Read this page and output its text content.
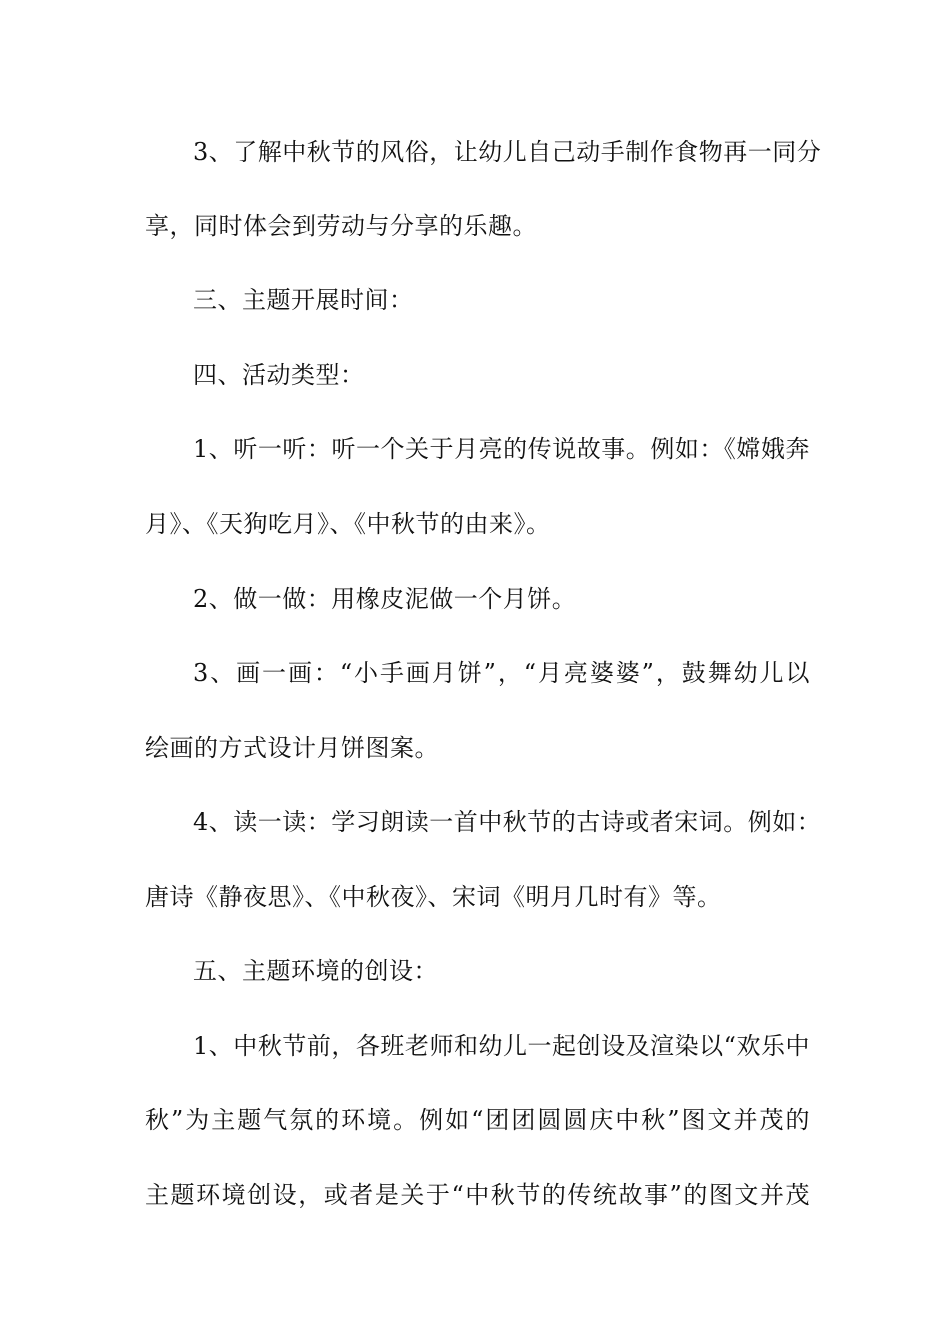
3、了解中秋节的风俗，让幼儿自己动手制作食物再一同分
享，同时体会到劳动与分享的乐趣。
三、主题开展时间：
四、活动类型：
1、听一听：听一个关于月亮的传说故事。例如：《嫦娥奔
月》、《天狗吃月》、《中秋节的由来》。
2、做一做：用橡皮泥做一个月饼。
3、画一画：“小手画月饼”，“月亮婆婆”，鼓舞幼儿以
绘画的方式设计月饼图案。
4、读一读：学习朗读一首中秋节的古诗或者宋词。例如：
唐诗《静夜思》、《中秋夜》、宋词《明月几时有》等。
五、主题环境的创设：
1、中秋节前，各班老师和幼儿一起创设及渲染以“欢乐中
秋”为主题气氛的环境。例如“团团圆圆庆中秋”图文并茂的
主题环境创设，或者是关于“中秋节的传统故事”的图文并茂
